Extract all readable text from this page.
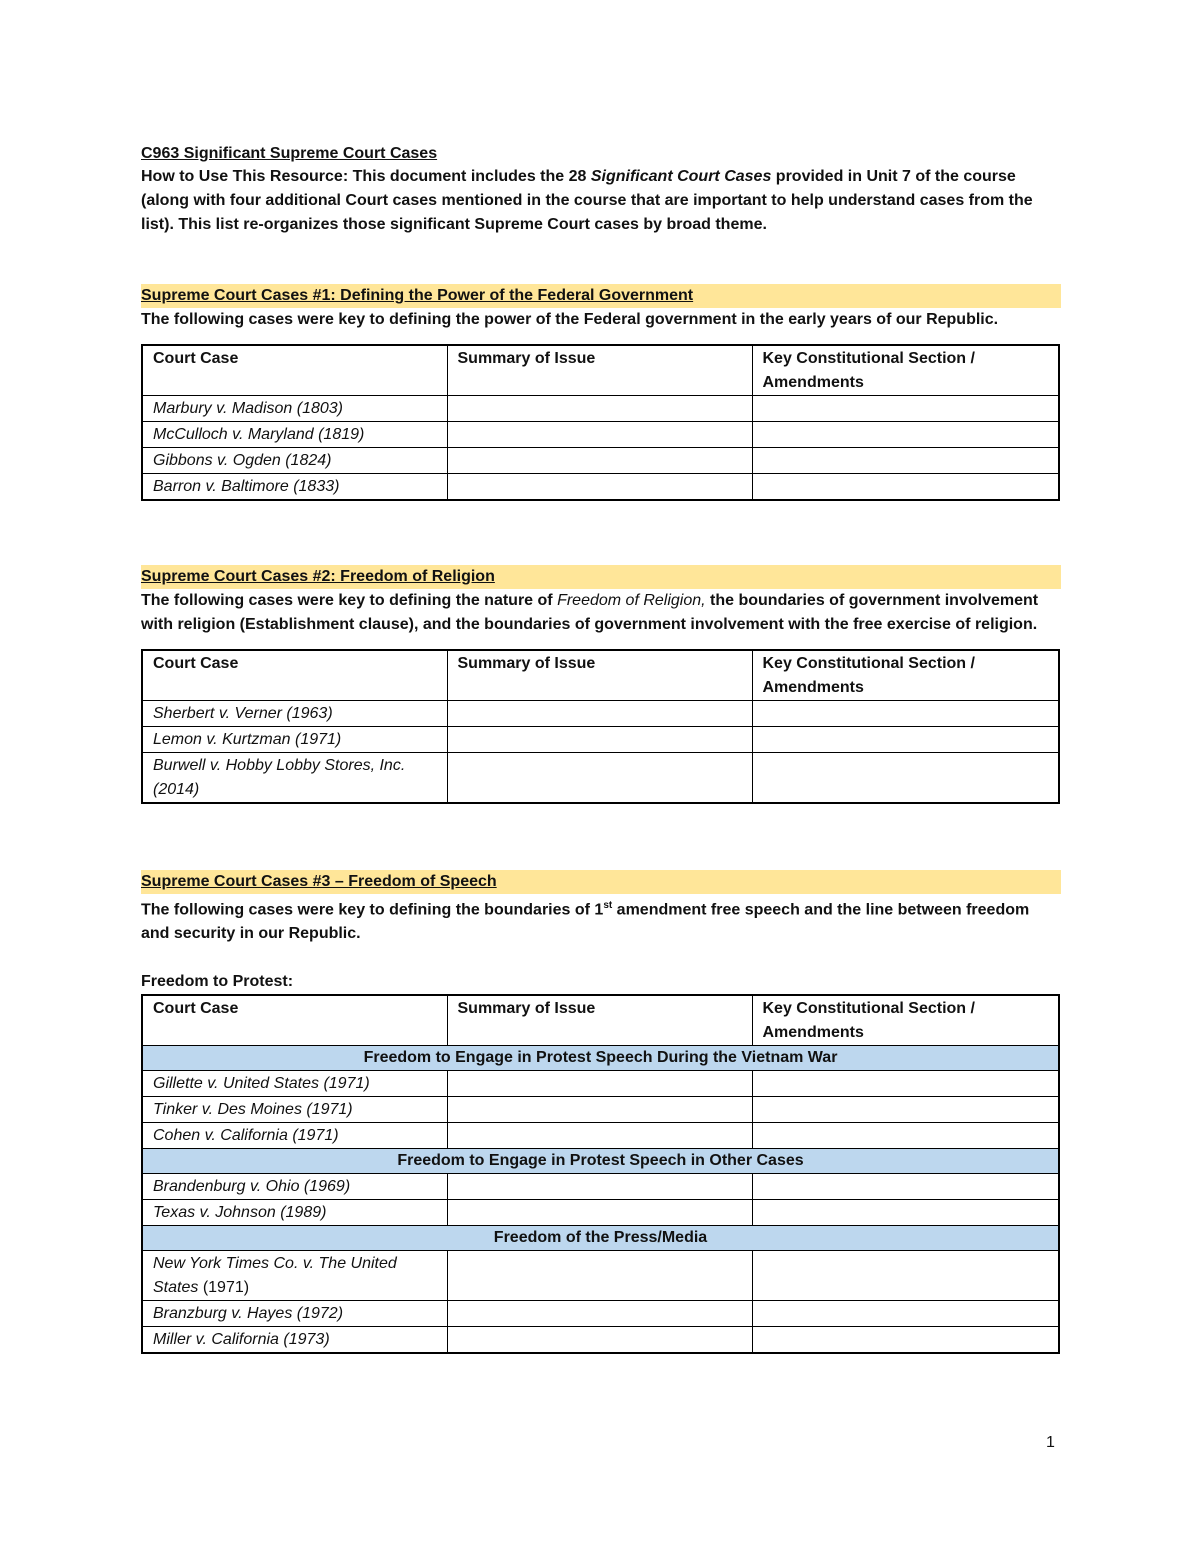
C963 Significant Supreme Court Cases

How to Use This Resource: This document includes the 28 Significant Court Cases provided in Unit 7 of the course (along with four additional Court cases mentioned in the course that are important to help understand cases from the list). This list re-organizes those significant Supreme Court cases by broad theme.

Supreme Court Cases #1: Defining the Power of the Federal Government

The following cases were key to defining the power of the Federal government in the early years of our Republic.

Court Case	Summary of Issue	Key Constitutional Section / Amendments
Marbury v. Madison (1803)		
McCulloch v. Maryland (1819)		
Gibbons v. Ogden (1824)		
Barron v. Baltimore (1833)		

Supreme Court Cases #2: Freedom of Religion

The following cases were key to defining the nature of Freedom of Religion, the boundaries of government involvement with religion (Establishment clause), and the boundaries of government involvement with the free exercise of religion.

Court Case	Summary of Issue	Key Constitutional Section / Amendments
Sherbert v. Verner (1963)		
Lemon v. Kurtzman (1971)		
Burwell v. Hobby Lobby Stores, Inc. (2014)		

Supreme Court Cases #3 – Freedom of Speech

The following cases were key to defining the boundaries of 1st amendment free speech and the line between freedom and security in our Republic.

Freedom to Protest:

Court Case	Summary of Issue	Key Constitutional Section / Amendments
Freedom to Engage in Protest Speech During the Vietnam War		
Gillette v. United States (1971)		
Tinker v. Des Moines (1971)		
Cohen v. California (1971)		
Freedom to Engage in Protest Speech in Other Cases		
Brandenburg v. Ohio (1969)		
Texas v. Johnson (1989)		
Freedom of the Press/Media		
New York Times Co. v. The United States (1971)		
Branzburg v. Hayes (1972)		
Miller v. California (1973)		
1
